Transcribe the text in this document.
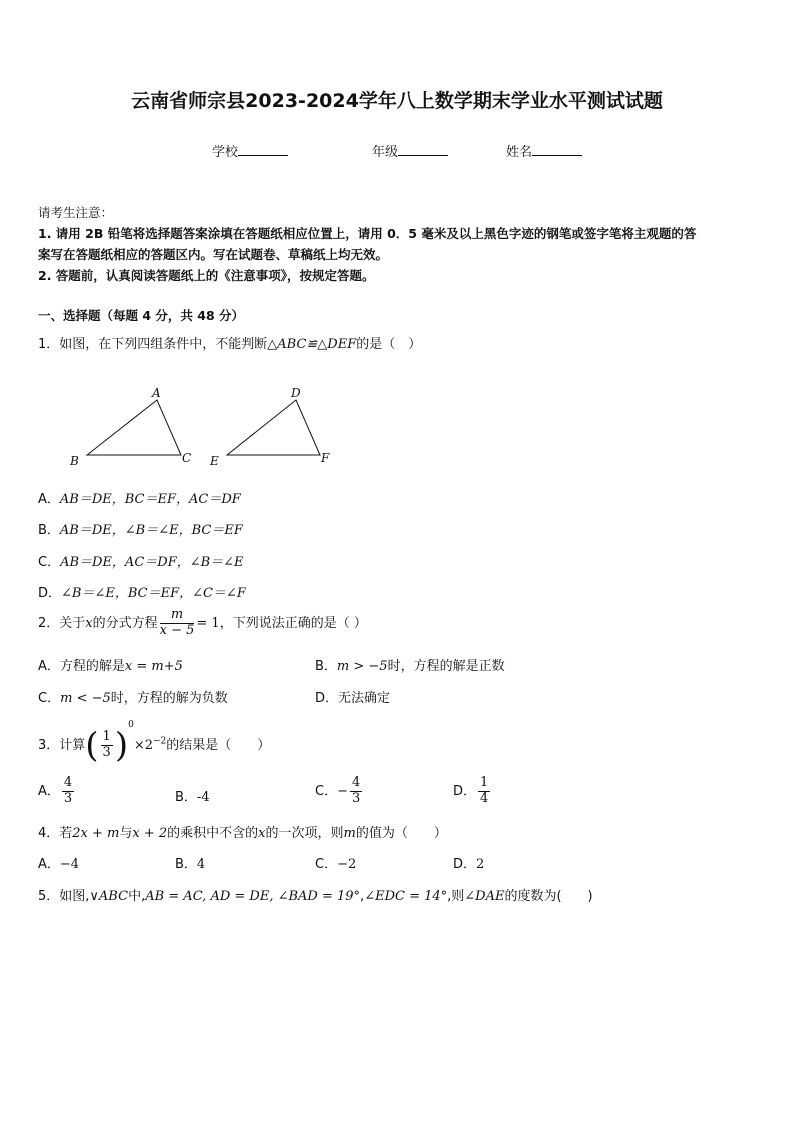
云南省师宗县2023-2024学年八上数学期末学业水平测试试题
学校	年级	姓名
请考生注意：
1. 请用 2B 铅笔将选择题答案涂填在答题纸相应位置上，请用 0．5 毫米及以上黑色字迹的钢笔或签字笔将主观题的答
案写在答题纸相应的答题区内。写在试题卷、草稿纸上均无效。
2. 答题前，认真阅读答题纸上的《注意事项》，按规定答题。
一、选择题（每题 4 分，共 48 分）
1．如图，在下列四组条件中，不能判断△ABC≌△DEF的是（　）
A
B	C
D
E	F
A．AB＝DE，BC＝EF，AC＝DF
B．AB＝DE，∠B＝∠E，BC＝EF
C．AB＝DE，AC＝DF，∠B＝∠E
D．∠B＝∠E，BC＝EF，∠C＝∠F
2．关于x的分式方程 $\frac{m}{x - 5} = 1$，下列说法正确的是（ ）
A．方程的解是x = m+5	B．m > −5时，方程的解是正数
C．m < −5时，方程的解为负数	D．无法确定
3．计算( $\frac{1}{3} )^0\times 2^{-2}$的结果是（　　）
A． $\frac{4}{3}$	B．-4	C．− $\frac{4}{3}$	D． $\frac{1}{4}$
4．若2x + m与x + 2的乘积中不含的x的一次项，则m的值为（　　）
A．−4	B．4	C．−2	D．2
5．如图,∨ABC中,AB = AC, AD = DE, ∠BAD = 19°,∠EDC = 14°,则∠DAE的度数为(　　)
